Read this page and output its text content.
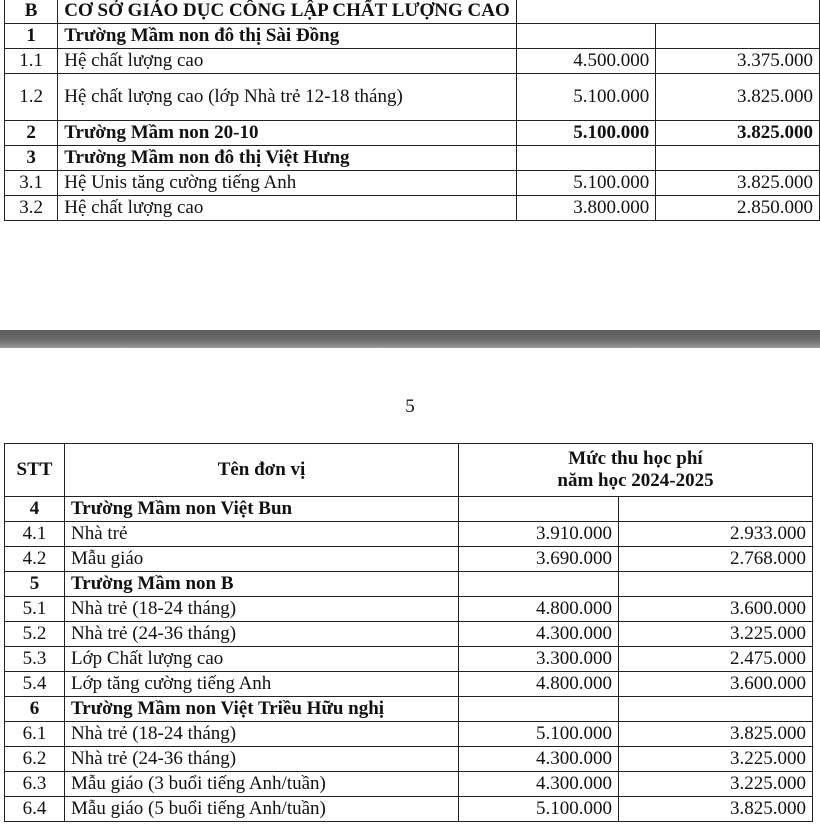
B	CƠ SỞ GIÁO DỤC CÔNG LẬP CHẤT LƯỢNG CAO		
1	Trường Mầm non đô thị Sài Đồng		
1.1	Hệ chất lượng cao	4.500.000	3.375.000
1.2	Hệ chất lượng cao (lớp Nhà trẻ 12-18 tháng)	5.100.000	3.825.000
2	Trường Mầm non 20-10	5.100.000	3.825.000
3	Trường Mầm non đô thị Việt Hưng		
3.1	Hệ Unis tăng cường tiếng Anh	5.100.000	3.825.000
3.2	Hệ chất lượng cao	3.800.000	2.850.000
5
STT	Tên đơn vị	Mức thu học phí
năm học 2024-2025	

4	Trường Mầm non Việt Bun		
4.1	Nhà trẻ	3.910.000	2.933.000
4.2	Mẫu giáo	3.690.000	2.768.000
5	Trường Mầm non B		
5.1	Nhà trẻ (18-24 tháng)	4.800.000	3.600.000
5.2	Nhà trẻ (24-36 tháng)	4.300.000	3.225.000
5.3	Lớp Chất lượng cao	3.300.000	2.475.000
5.4	Lớp tăng cường tiếng Anh	4.800.000	3.600.000
6	Trường Mầm non Việt Triều Hữu nghị		
6.1	Nhà trẻ (18-24 tháng)	5.100.000	3.825.000
6.2	Nhà trẻ (24-36 tháng)	4.300.000	3.225.000
6.3	Mẫu giáo (3 buổi tiếng Anh/tuần)	4.300.000	3.225.000
6.4	Mẫu giáo (5 buổi tiếng Anh/tuần)	5.100.000	3.825.000
